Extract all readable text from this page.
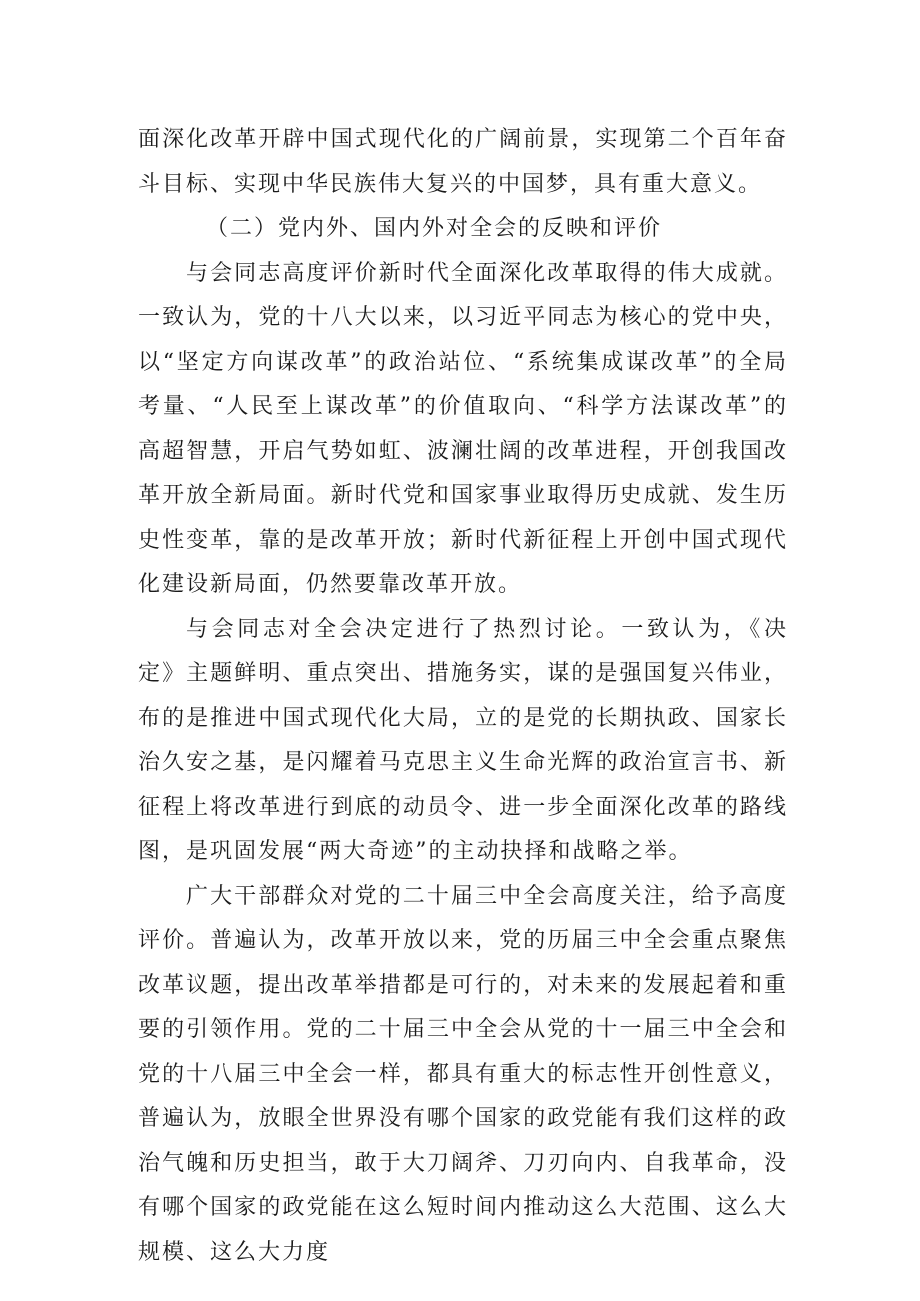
面深化改革开辟中国式现代化的广阔前景，实现第二个百年奋斗目标、实现中华民族伟大复兴的中国梦，具有重大意义。

（二）党内外、国内外对全会的反映和评价

与会同志高度评价新时代全面深化改革取得的伟大成就。一致认为，党的十八大以来，以习近平同志为核心的党中央，以“坚定方向谋改革”的政治站位、“系统集成谋改革”的全局考量、“人民至上谋改革”的价值取向、“科学方法谋改革”的高超智慧，开启气势如虹、波澜壮阔的改革进程，开创我国改革开放全新局面。新时代党和国家事业取得历史成就、发生历史性变革，靠的是改革开放；新时代新征程上开创中国式现代化建设新局面，仍然要靠改革开放。

与会同志对全会决定进行了热烈讨论。一致认为，《决定》主题鲜明、重点突出、措施务实，谋的是强国复兴伟业，布的是推进中国式现代化大局，立的是党的长期执政、国家长治久安之基，是闪耀着马克思主义生命光辉的政治宣言书、新征程上将改革进行到底的动员令、进一步全面深化改革的路线图，是巩固发展“两大奇迹”的主动抉择和战略之举。

广大干部群众对党的二十届三中全会高度关注，给予高度评价。普遍认为，改革开放以来，党的历届三中全会重点聚焦改革议题，提出改革举措都是可行的，对未来的发展起着和重要的引领作用。党的二十届三中全会从党的十一届三中全会和党的十八届三中全会一样，都具有重大的标志性开创性意义，普遍认为，放眼全世界没有哪个国家的政党能有我们这样的政治气魄和历史担当，敢于大刀阔斧、刀刃向内、自我革命，没有哪个国家的政党能在这么短时间内推动这么大范围、这么大规模、这么大力度
